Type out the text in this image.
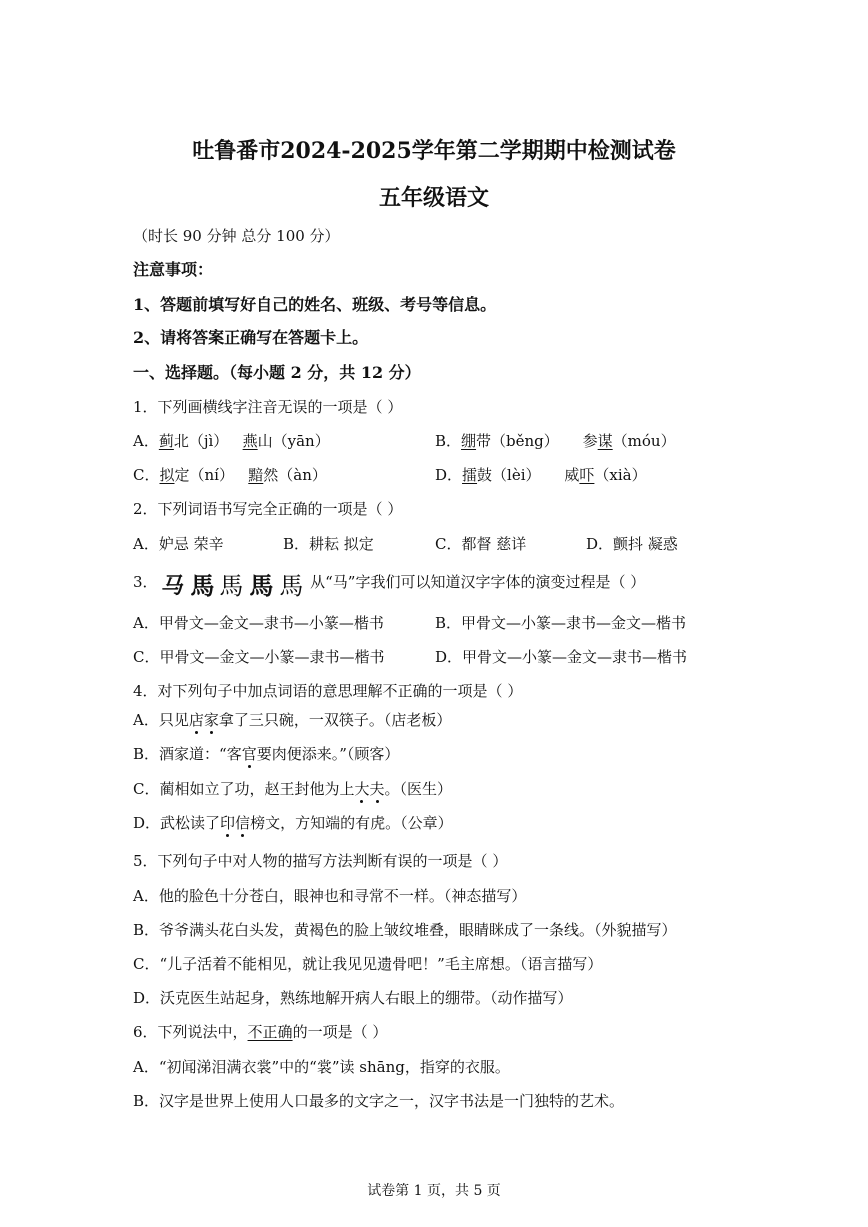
吐鲁番市2024-2025学年第二学期期中检测试卷
五年级语文
（时长 90 分钟 总分 100 分）
注意事项：
1、答题前填写好自己的姓名、班级、考号等信息。
2、请将答案正确写在答题卡上。
一、选择题。（每小题 2 分，共 12 分）
1．下列画横线字注音无误的一项是（ ）
A．蓟北（jì） 燕山（yān）	B．绷带（běng） 参谋（móu）
C．拟定（ní） 黯然（àn）	D．擂鼓（lèi） 威吓（xià）
2．下列词语书写完全正确的一项是（ ）
A．妒忌 荣辛	B．耕耘 拟定	C．都督 慈详	D．颤抖 凝惑
3． 马 馬 馬 馬 馬 从“马”字我们可以知道汉字字体的演变过程是（ ）
A．甲骨文—金文—隶书—小篆—楷书	B．甲骨文—小篆—隶书—金文—楷书
C．甲骨文—金文—小篆—隶书—楷书	D．甲骨文—小篆—金文—隶书—楷书
4．对下列句子中加点词语的意思理解不正确的一项是（ ）
A．只见店家拿了三只碗，一双筷子。（店老板）
B．酒家道：“客官要肉便添来。”（顾客）
C．蔺相如立了功，赵王封他为上大夫。（医生）
D．武松读了印信榜文，方知端的有虎。（公章）
5．下列句子中对人物的描写方法判断有误的一项是（ ）
A．他的脸色十分苍白，眼神也和寻常不一样。（神态描写）
B．爷爷满头花白头发，黄褐色的脸上皱纹堆叠，眼睛眯成了一条线。（外貌描写）
C．“儿子活着不能相见，就让我见见遗骨吧！”毛主席想。（语言描写）
D．沃克医生站起身，熟练地解开病人右眼上的绷带。（动作描写）
6．下列说法中，不正确的一项是（ ）
A．“初闻涕泪满衣裳”中的“裳”读 shāng，指穿的衣服。
B．汉字是世界上使用人口最多的文字之一，汉字书法是一门独特的艺术。
试卷第 1 页，共 5 页
